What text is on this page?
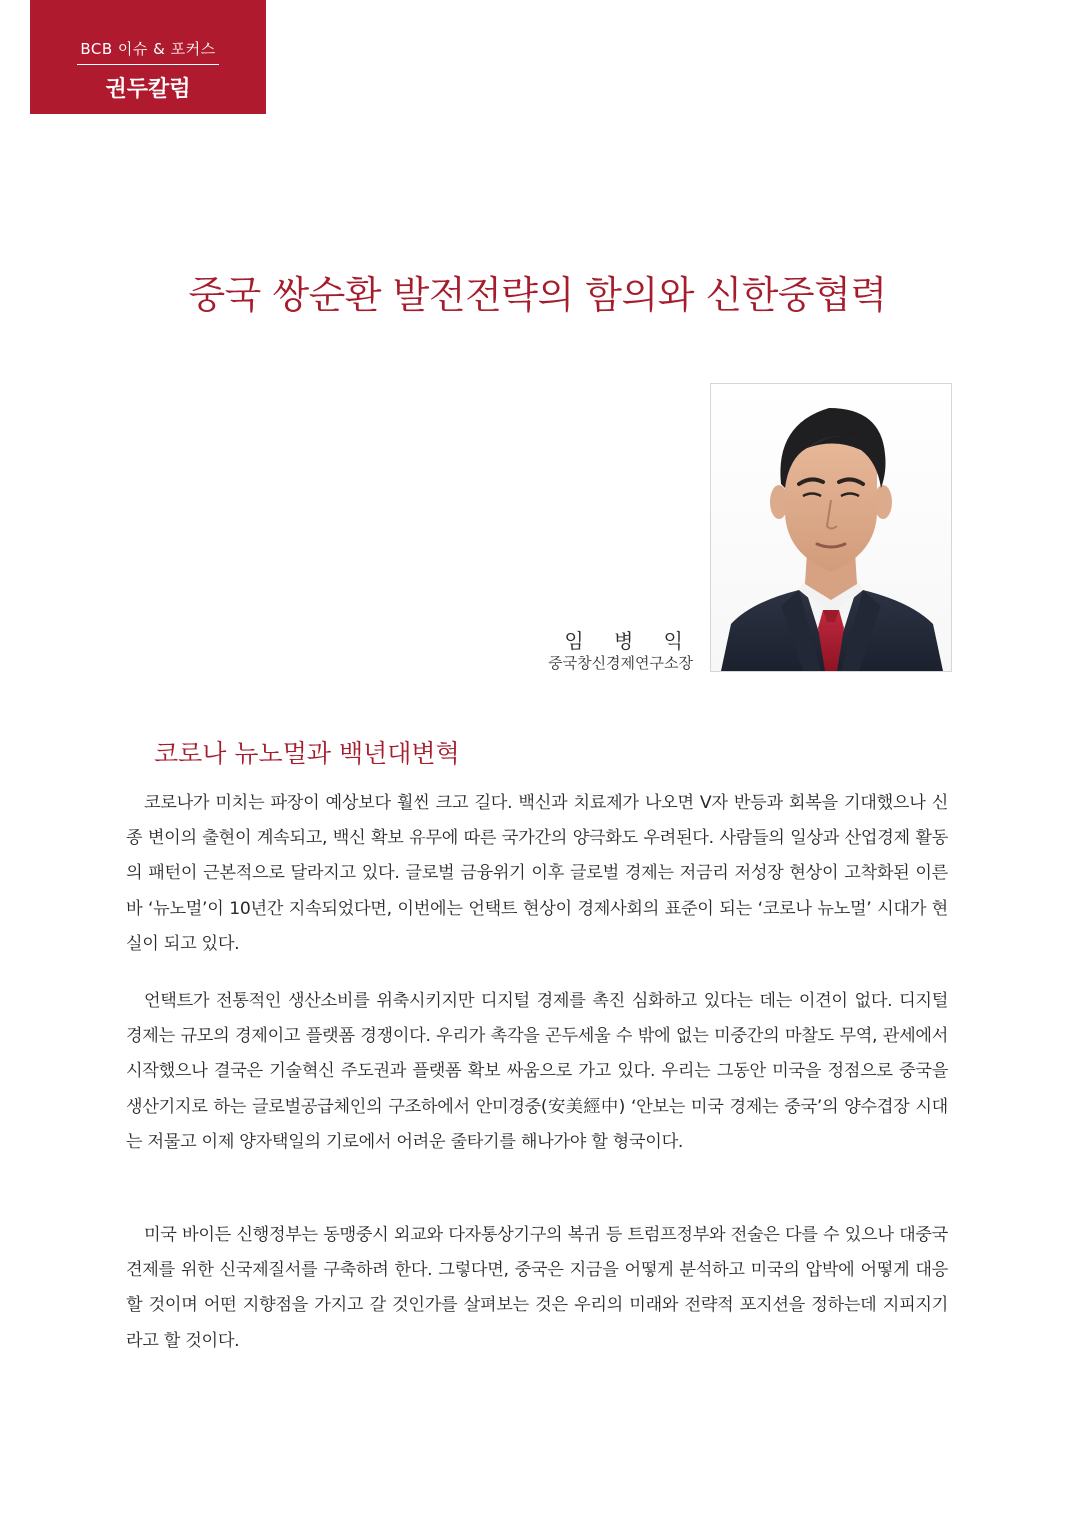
BCB 이슈 & 포커스
권두칼럼
중국 쌍순환 발전전략의 함의와 신한중협력
임 병 익
중국창신경제연구소장
코로나 뉴노멀과 백년대변혁

코로나가 미치는 파장이 예상보다 훨씬 크고 길다. 백신과 치료제가 나오면 V자 반등과 회복을 기대했으나 신종 변이의 출현이 계속되고, 백신 확보 유무에 따른 국가간의 양극화도 우려된다. 사람들의 일상과 산업경제 활동의 패턴이 근본적으로 달라지고 있다. 글로벌 금융위기 이후 글로벌 경제는 저금리 저성장 현상이 고착화된 이른바 ‘뉴노멀’이 10년간 지속되었다면, 이번에는 언택트 현상이 경제사회의 표준이 되는 ‘코로나 뉴노멀’ 시대가 현실이 되고 있다.

언택트가 전통적인 생산소비를 위축시키지만 디지털 경제를 촉진 심화하고 있다는 데는 이견이 없다. 디지털 경제는 규모의 경제이고 플랫폼 경쟁이다. 우리가 촉각을 곤두세울 수 밖에 없는 미중간의 마찰도 무역, 관세에서 시작했으나 결국은 기술혁신 주도권과 플랫폼 확보 싸움으로 가고 있다. 우리는 그동안 미국을 정점으로 중국을 생산기지로 하는 글로벌공급체인의 구조하에서 안미경중(安美經中) ‘안보는 미국 경제는 중국’의 양수겹장 시대는 저물고 이제 양자택일의 기로에서 어려운 줄타기를 해나가야 할 형국이다.

미국 바이든 신행정부는 동맹중시 외교와 다자통상기구의 복귀 등 트럼프정부와 전술은 다를 수 있으나 대중국 견제를 위한 신국제질서를 구축하려 한다. 그렇다면, 중국은 지금을 어떻게 분석하고 미국의 압박에 어떻게 대응할 것이며 어떤 지향점을 가지고 갈 것인가를 살펴보는 것은 우리의 미래와 전략적 포지션을 정하는데 지피지기라고 할 것이다.
